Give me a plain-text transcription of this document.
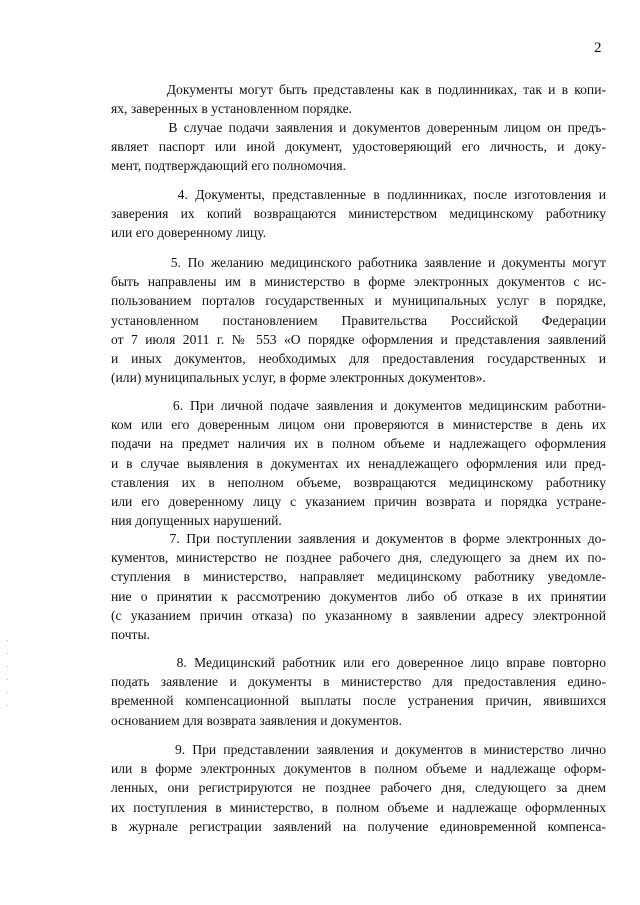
2
Документы могут быть представлены как в подлинниках, так и в копи-
ях, заверенных в установленном порядке.
В случае подачи заявления и документов доверенным лицом он предъ-
являет паспорт или иной документ, удостоверяющий его личность, и доку-
мент, подтверждающий его полномочия.
4. Документы, представленные в подлинниках, после изготовления и
заверения их копий возвращаются министерством медицинскому работнику
или его доверенному лицу.
5. По желанию медицинского работника заявление и документы могут
быть направлены им в министерство в форме электронных документов с ис-
пользованием порталов государственных и муниципальных услуг в порядке,
установленном постановлением Правительства Российской Федерации
от 7 июля 2011 г. № 553 «О порядке оформления и представления заявлений
и иных документов, необходимых для предоставления государственных и
(или) муниципальных услуг, в форме электронных документов».
6. При личной подаче заявления и документов медицинским работни-
ком или его доверенным лицом они проверяются в министерстве в день их
подачи на предмет наличия их в полном объеме и надлежащего оформления
и в случае выявления в документах их ненадлежащего оформления или пред-
ставления их в неполном объеме, возвращаются медицинскому работнику
или его доверенному лицу с указанием причин возврата и порядка устране-
ния допущенных нарушений.
7. При поступлении заявления и документов в форме электронных до-
кументов, министерство не позднее рабочего дня, следующего за днем их по-
ступления в министерство, направляет медицинскому работнику уведомле-
ние о принятии к рассмотрению документов либо об отказе в их принятии
(с указанием причин отказа) по указанному в заявлении адресу электронной
почты.
8. Медицинский работник или его доверенное лицо вправе повторно
подать заявление и документы в министерство для предоставления едино-
временной компенсационной выплаты после устранения причин, явившихся
основанием для возврата заявления и документов.
9. При представлении заявления и документов в министерство лично
или в форме электронных документов в полном объеме и надлежаще оформ-
ленных, они регистрируются не позднее рабочего дня, следующего за днем
их поступления в министерство, в полном объеме и надлежаще оформленных
в журнале регистрации заявлений на получение единовременной компенса-
